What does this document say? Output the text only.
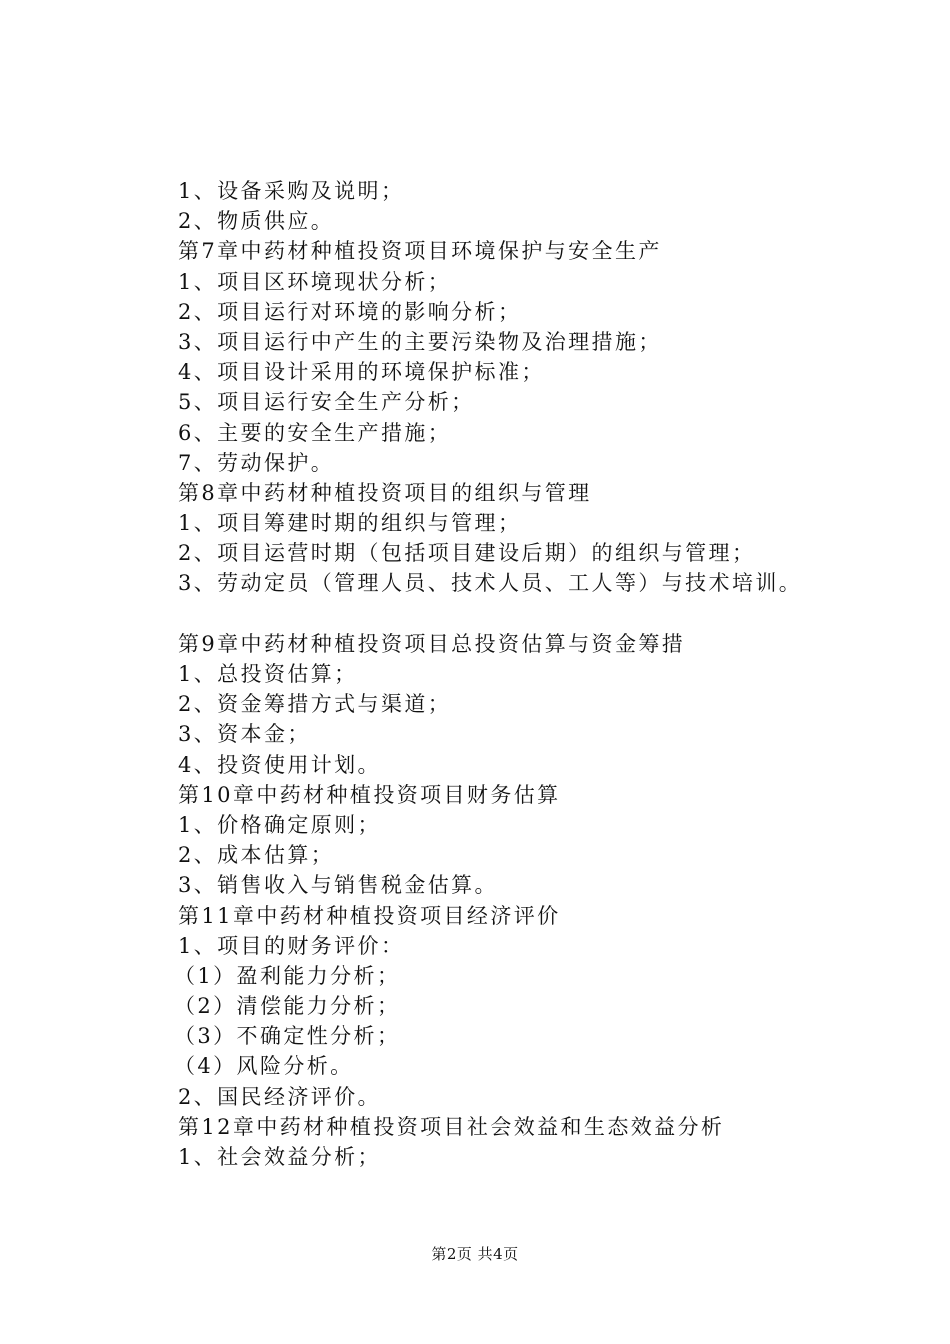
1、设备采购及说明；
2、物质供应。
第7章中药材种植投资项目环境保护与安全生产
1、项目区环境现状分析；
2、项目运行对环境的影响分析；
3、项目运行中产生的主要污染物及治理措施；
4、项目设计采用的环境保护标准；
5、项目运行安全生产分析；
6、主要的安全生产措施；
7、劳动保护。
第8章中药材种植投资项目的组织与管理
1、项目筹建时期的组织与管理；
2、项目运营时期（包括项目建设后期）的组织与管理；
3、劳动定员（管理人员、技术人员、工人等）与技术培训。
第9章中药材种植投资项目总投资估算与资金筹措
1、总投资估算；
2、资金筹措方式与渠道；
3、资本金；
4、投资使用计划。
第10章中药材种植投资项目财务估算
1、价格确定原则；
2、成本估算；
3、销售收入与销售税金估算。
第11章中药材种植投资项目经济评价
1、项目的财务评价：
（1）盈利能力分析；
（2）清偿能力分析；
（3）不确定性分析；
（4）风险分析。
2、国民经济评价。
第12章中药材种植投资项目社会效益和生态效益分析
1、社会效益分析；
第2页 共4页
